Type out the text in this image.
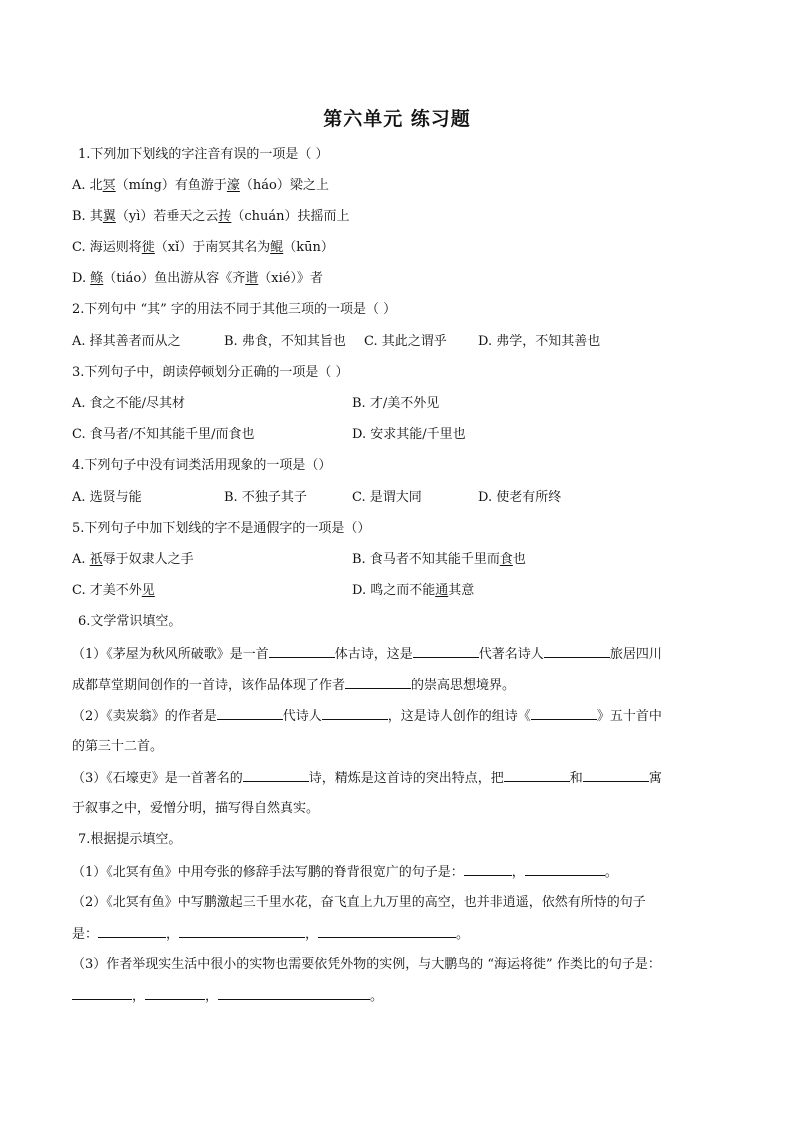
第六单元 练习题
1.下列加下划线的字注音有误的一项是（ ）
A. 北冥（míng）有鱼游于濠（háo）梁之上
B. 其翼（yì）若垂天之云抟（chuán）扶摇而上
C. 海运则将徙（xǐ）于南冥其名为鲲（kūn）
D. 鲦（tiáo）鱼出游从容《齐谐（xié）》者
2.下列句中 “其” 字的用法不同于其他三项的一项是（ ）
A. 择其善者而从之	B. 弗食，不知其旨也 C. 其此之谓乎 D. 弗学，不知其善也
3.下列句子中，朗读停顿划分正确的一项是（ ）
A. 食之不能/尽其材	B. 才/美不外见
C. 食马者/不知其能千里/而食也	D. 安求其能/千里也
4.下列句子中没有词类活用现象的一项是（）
A. 选贤与能	B. 不独子其子	C. 是谓大同	D. 使老有所终
5.下列句子中加下划线的字不是通假字的一项是（）
A. 祇辱于奴隶人之手	B. 食马者不知其能千里而食也
C. 才美不外见	D. 鸣之而不能通其意
6.文学常识填空。
（1）《茅屋为秋风所破歌》是一首	体古诗，这是	代著名诗人	旅居四川
成都草堂期间创作的一首诗，该作品体现了作者	的崇高思想境界。
（2）《卖炭翁》的作者是	代诗人	，这是诗人创作的组诗《	》五十首中
的第三十二首。
（3）《石壕吏》是一首著名的	诗，精炼是这首诗的突出特点，把	和	寓
于叙事之中，爱憎分明，描写得自然真实。
7.根据提示填空。
（1）《北冥有鱼》中用夸张的修辞手法写鹏的脊背很宽广的句子是：	，	。
（2）《北冥有鱼》中写鹏激起三千里水花，奋飞直上九万里的高空，也并非逍遥，依然有所恃的句子
是：	，	，	。
（3）作者举现实生活中很小的实物也需要依凭外物的实例，与大鹏鸟的 “海运将徙” 作类比的句子是：
，	，	。
